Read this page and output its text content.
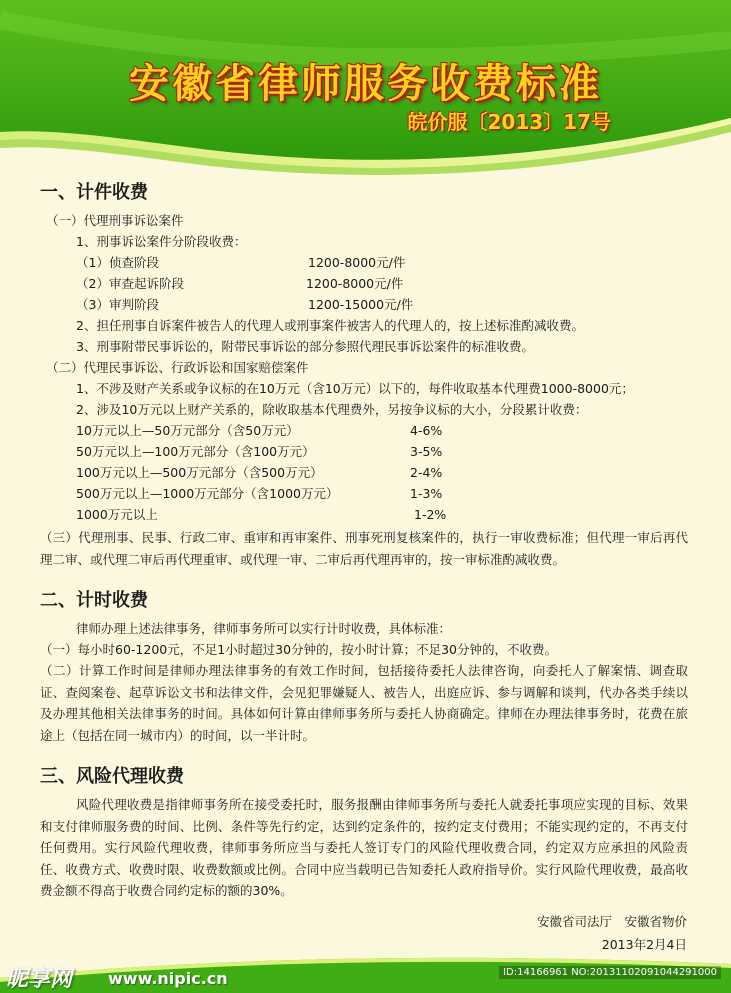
安徽省律师服务收费标准
皖价服〔2013〕17号
一、计件收费
（一）代理刑事诉讼案件
1、刑事诉讼案件分阶段收费：
（1）侦查阶段	1200-8000元/件
（2）审查起诉阶段	1200-8000元/件
（3）审判阶段	1200-15000元/件
2、担任刑事自诉案件被告人的代理人或刑事案件被害人的代理人的，按上述标准酌减收费。
3、刑事附带民事诉讼的，附带民事诉讼的部分参照代理民事诉讼案件的标准收费。
（二）代理民事诉讼、行政诉讼和国家赔偿案件
1、不涉及财产关系或争议标的在10万元（含10万元）以下的，每件收取基本代理费1000-8000元；
2、涉及10万元以上财产关系的，除收取基本代理费外，另按争议标的大小，分段累计收费：
10万元以上—50万元部分（含50万元）	4-6%
50万元以上—100万元部分（含100万元）	3-5%
100万元以上—500万元部分（含500万元）	2-4%
500万元以上—1000万元部分（含1000万元）	1-3%
1000万元以上	1-2%
（三）代理刑事、民事、行政二审、重审和再审案件、刑事死刑复核案件的，执行一审收费标准；但代理一审后再代理二审、或代理二审后再代理重审、或代理一审、二审后再代理再审的，按一审标准酌减收费。
二、计时收费
律师办理上述法律事务，律师事务所可以实行计时收费，具体标准：
（一）每小时60-1200元，不足1小时超过30分钟的，按小时计算；不足30分钟的，不收费。
（二）计算工作时间是律师办理法律事务的有效工作时间，包括接待委托人法律咨询，向委托人了解案情、调查取证、查阅案卷、起草诉讼文书和法律文件，会见犯罪嫌疑人、被告人，出庭应诉、参与调解和谈判，代办各类手续以及办理其他相关法律事务的时间。具体如何计算由律师事务所与委托人协商确定。律师在办理法律事务时，花费在旅途上（包括在同一城市内）的时间，以一半计时。
三、风险代理收费
风险代理收费是指律师事务所在接受委托时，服务报酬由律师事务所与委托人就委托事项应实现的目标、效果和支付律师服务费的时间、比例、条件等先行约定，达到约定条件的，按约定支付费用；不能实现约定的，不再支付任何费用。实行风险代理收费，律师事务所应当与委托人签订专门的风险代理收费合同，约定双方应承担的风险责任、收费方式、收费时限、收费数额或比例。合同中应当载明已告知委托人政府指导价。实行风险代理收费，最高收费金额不得高于收费合同约定标的额的30%。
安徽省司法厅　安徽省物价
2013年2月4日
昵享网 www.nipic.cn	ID:14166961 NO:20131102091044291000
